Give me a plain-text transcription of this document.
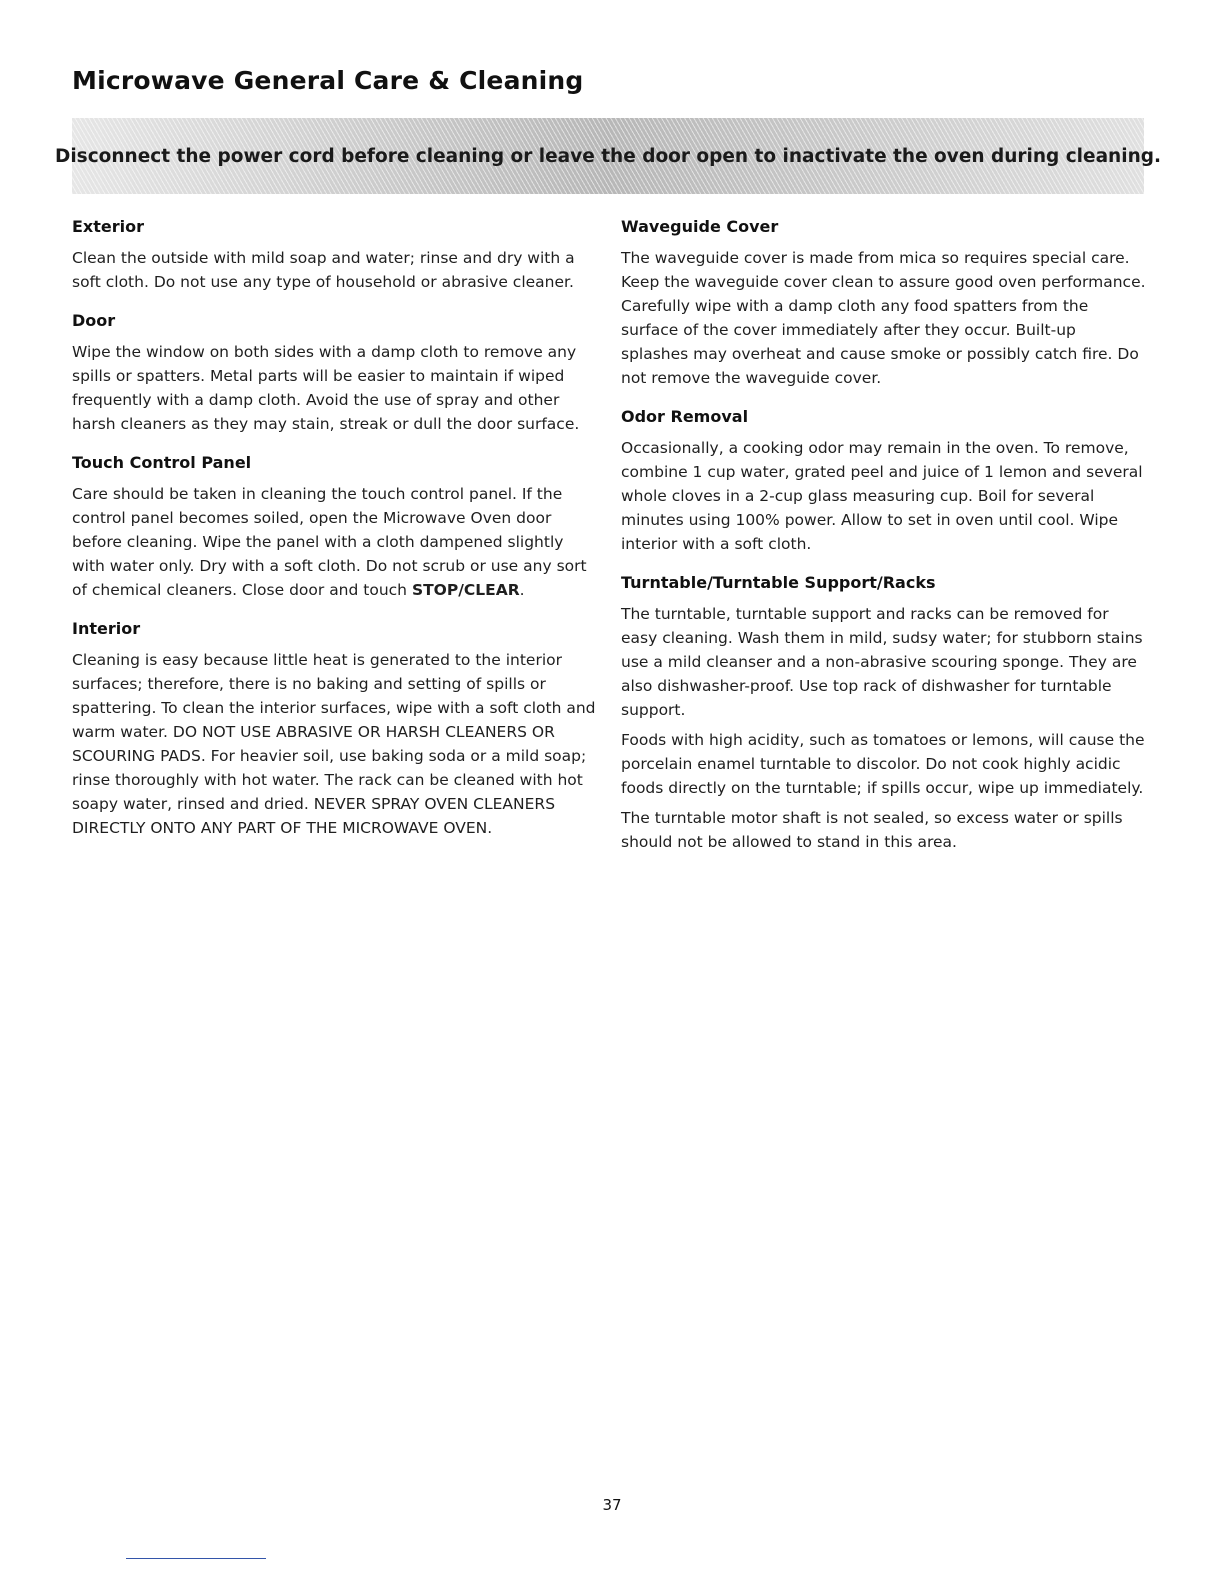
Microwave General Care & Cleaning
Disconnect the power cord before cleaning or leave the door open to inactivate the oven during cleaning.
Exterior

Clean the outside with mild soap and water; rinse and dry with a soft cloth. Do not use any type of household or abrasive cleaner.

Door

Wipe the window on both sides with a damp cloth to remove any spills or spatters. Metal parts will be easier to maintain if wiped frequently with a damp cloth. Avoid the use of spray and other harsh cleaners as they may stain, streak or dull the door surface.

Touch Control Panel

Care should be taken in cleaning the touch control panel. If the control panel becomes soiled, open the Microwave Oven door before cleaning. Wipe the panel with a cloth dampened slightly with water only. Dry with a soft cloth. Do not scrub or use any sort of chemical cleaners. Close door and touch STOP/CLEAR.

Interior

Cleaning is easy because little heat is generated to the interior surfaces; therefore, there is no baking and setting of spills or spattering. To clean the interior surfaces, wipe with a soft cloth and warm water. DO NOT USE ABRASIVE OR HARSH CLEANERS OR SCOURING PADS. For heavier soil, use baking soda or a mild soap; rinse thoroughly with hot water. The rack can be cleaned with hot soapy water, rinsed and dried. NEVER SPRAY OVEN CLEANERS DIRECTLY ONTO ANY PART OF THE MICROWAVE OVEN.

Waveguide Cover

The waveguide cover is made from mica so requires special care. Keep the waveguide cover clean to assure good oven performance. Carefully wipe with a damp cloth any food spatters from the surface of the cover immediately after they occur. Built-up splashes may overheat and cause smoke or possibly catch fire. Do not remove the waveguide cover.

Odor Removal

Occasionally, a cooking odor may remain in the oven. To remove, combine 1 cup water, grated peel and juice of 1 lemon and several whole cloves in a 2-cup glass measuring cup. Boil for several minutes using 100% power. Allow to set in oven until cool. Wipe interior with a soft cloth.

Turntable/Turntable Support/Racks

The turntable, turntable support and racks can be removed for easy cleaning. Wash them in mild, sudsy water; for stubborn stains use a mild cleanser and a non-abrasive scouring sponge. They are also dishwasher-proof. Use top rack of dishwasher for turntable support.

Foods with high acidity, such as tomatoes or lemons, will cause the porcelain enamel turntable to discolor. Do not cook highly acidic foods directly on the turntable; if spills occur, wipe up immediately.

The turntable motor shaft is not sealed, so excess water or spills should not be allowed to stand in this area.

37
